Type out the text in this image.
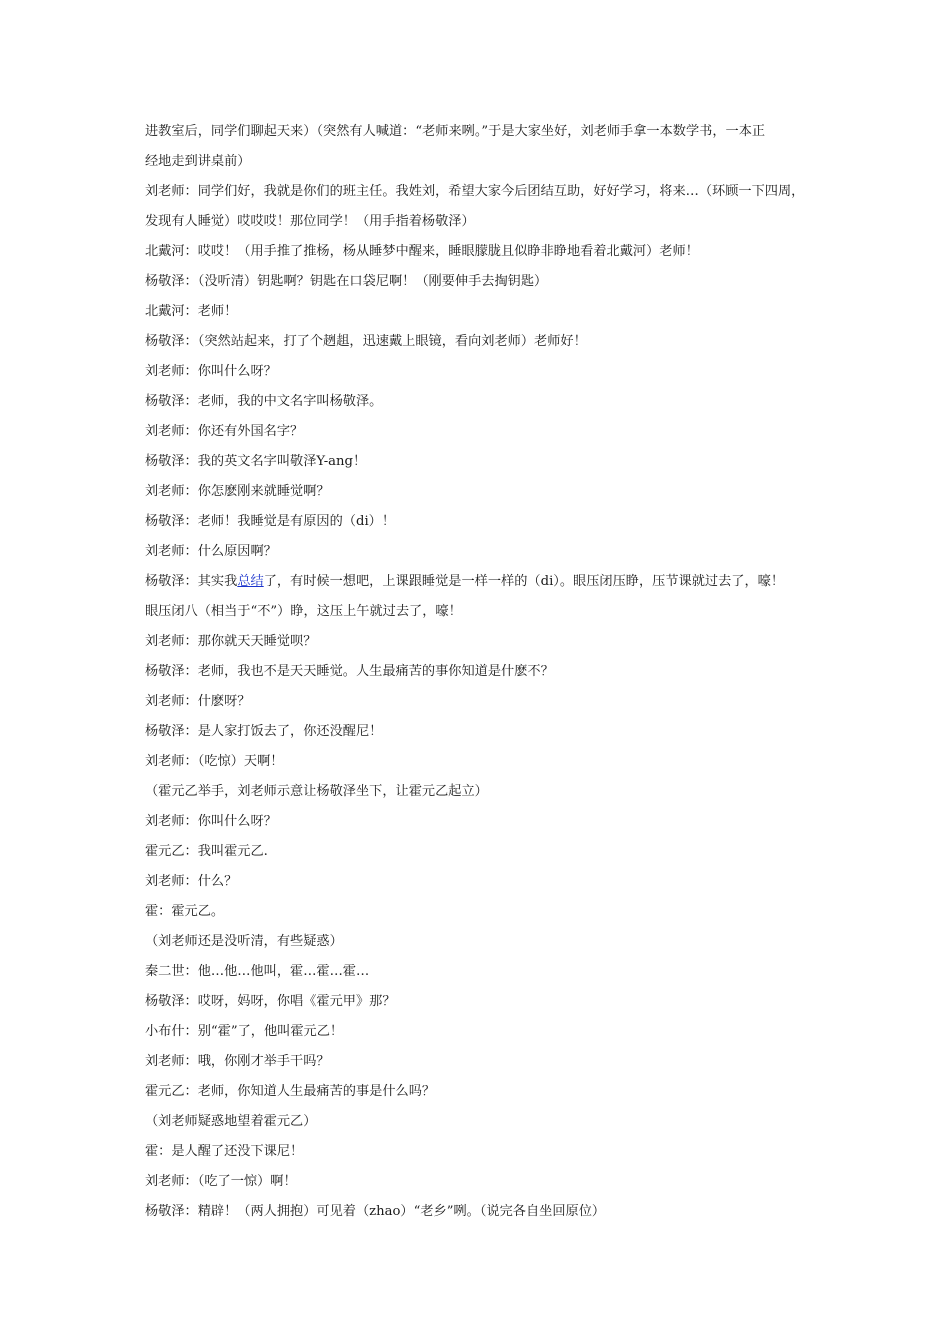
进教室后，同学们聊起天来）（突然有人喊道：“老师来咧。”于是大家坐好，刘老师手拿一本数学书，一本正
经地走到讲桌前）
刘老师：同学们好，我就是你们的班主任。我姓刘，希望大家今后团结互助，好好学习，将来…（环顾一下四周，
发现有人睡觉）哎哎哎！那位同学！（用手指着杨敬泽）
北戴河：哎哎！（用手推了推杨，杨从睡梦中醒来，睡眼朦胧且似睁非睁地看着北戴河）老师！
杨敬泽：（没听清）钥匙啊？钥匙在口袋尼啊！（刚要伸手去掏钥匙）
北戴河：老师！
杨敬泽：（突然站起来，打了个趔趄，迅速戴上眼镜，看向刘老师）老师好！
刘老师：你叫什么呀？
杨敬泽：老师，我的中文名字叫杨敬泽。
刘老师：你还有外国名字？
杨敬泽：我的英文名字叫敬泽Y-ang！
刘老师：你怎麽刚来就睡觉啊？
杨敬泽：老师！我睡觉是有原因的（di）！
刘老师：什么原因啊？
杨敬泽：其实我总结了，有时候一想吧，上课跟睡觉是一样一样的（di）。眼压闭压睁，压节课就过去了，嚎！
眼压闭八（相当于“不”）睁，这压上午就过去了，嚎！
刘老师：那你就天天睡觉呗？
杨敬泽：老师，我也不是天天睡觉。人生最痛苦的事你知道是什麽不？
刘老师：什麽呀？
杨敬泽：是人家打饭去了，你还没醒尼！
刘老师：（吃惊）天啊！
（霍元乙举手，刘老师示意让杨敬泽坐下，让霍元乙起立）
刘老师：你叫什么呀？
霍元乙：我叫霍元乙.
刘老师：什么？
霍：霍元乙。
（刘老师还是没听清，有些疑惑）
秦二世：他…他…他叫，霍…霍…霍…
杨敬泽：哎呀，妈呀，你唱《霍元甲》那？
小布什：别“霍”了，他叫霍元乙！
刘老师：哦，你刚才举手干吗？
霍元乙：老师，你知道人生最痛苦的事是什么吗？
（刘老师疑惑地望着霍元乙）
霍：是人醒了还没下课尼！
刘老师：（吃了一惊）啊！
杨敬泽：精辟！（两人拥抱）可见着（zhao）“老乡”咧。（说完各自坐回原位）
